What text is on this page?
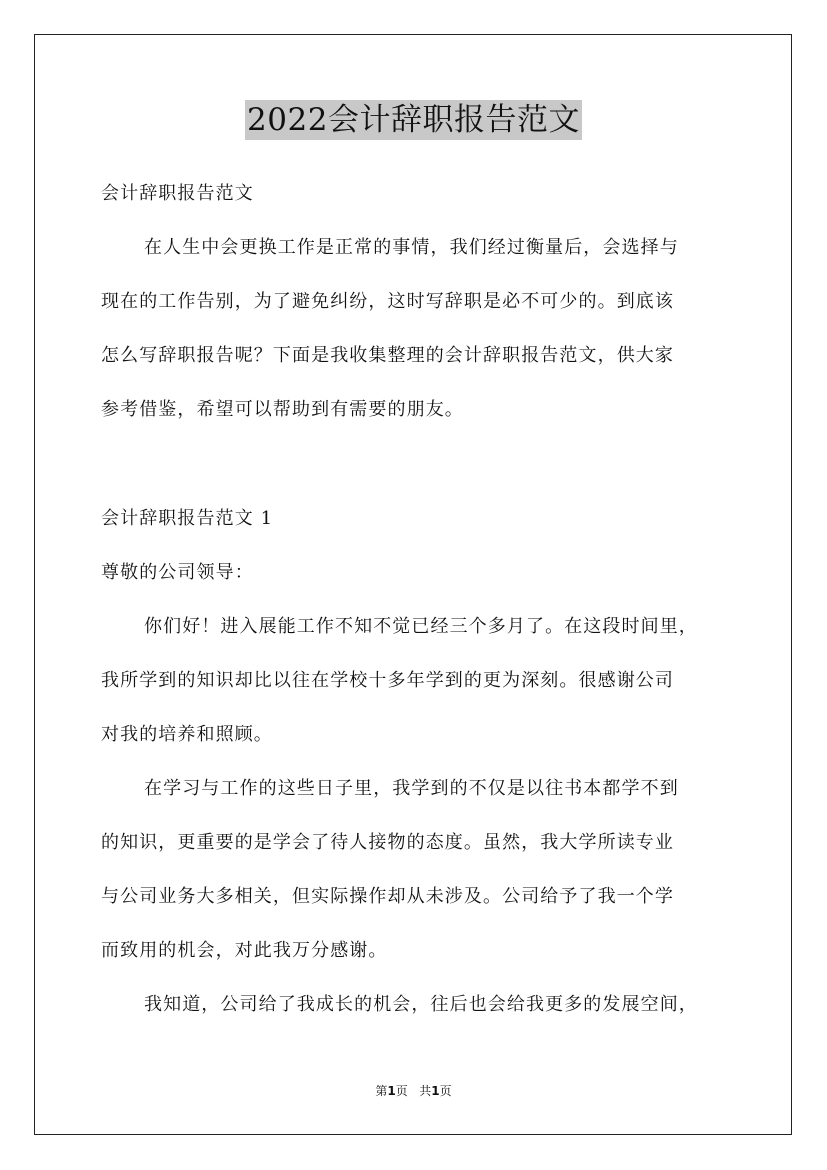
2022会计辞职报告范文
会计辞职报告范文
在人生中会更换工作是正常的事情，我们经过衡量后，会选择与
现在的工作告别，为了避免纠纷，这时写辞职是必不可少的。到底该
怎么写辞职报告呢？下面是我收集整理的会计辞职报告范文，供大家
参考借鉴，希望可以帮助到有需要的朋友。
会计辞职报告范文 1
尊敬的公司领导：
你们好！进入展能工作不知不觉已经三个多月了。在这段时间里，
我所学到的知识却比以往在学校十多年学到的更为深刻。很感谢公司
对我的培养和照顾。
在学习与工作的这些日子里，我学到的不仅是以往书本都学不到
的知识，更重要的是学会了待人接物的态度。虽然，我大学所读专业
与公司业务大多相关，但实际操作却从未涉及。公司给予了我一个学
而致用的机会，对此我万分感谢。
我知道，公司给了我成长的机会，往后也会给我更多的发展空间，
第1页 共1页
